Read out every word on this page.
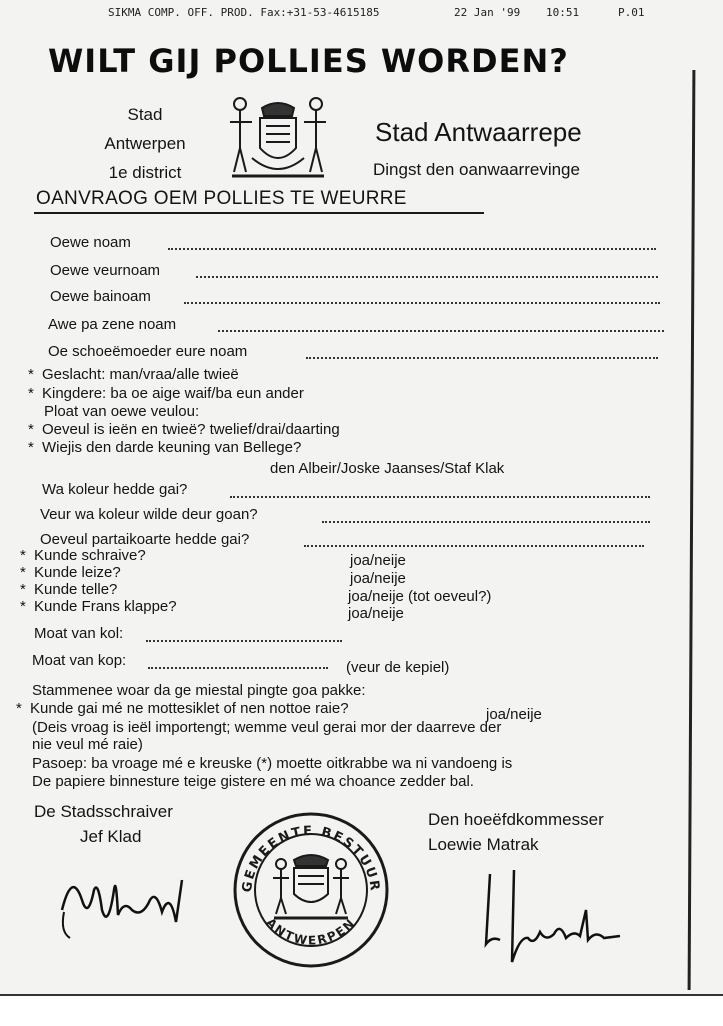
SIKMA COMP. OFF. PROD. Fax:+31-53-4615185	22 Jan '99 10:51	P.01
WILT GIJ POLLIES WORDEN?
Stad
Antwerpen
1e district
Stad Antwaarrepe
Dingst den oanwaarrevinge
OANVRAOG OEM POLLIES TE WEURRE
Oewe noam
Oewe veurnoam
Oewe bainoam
Awe pa zene noam
Oe schoeëmoeder eure noam
* Geslacht: man/vraa/alle twieë
* Kingdere: ba oe aige waif/ba eun ander
Ploat van oewe veulou:
* Oeveul is ieën en twieë? twelief/drai/daarting
* Wiejis den darde keuning van Bellege?
den Albeir/Joske Jaanses/Staf Klak
Wa koleur hedde gai?
Veur wa koleur wilde deur goan?
Oeveul partaikoarte hedde gai?
* Kunde schraive?	joa/neije
* Kunde leize?	joa/neije
* Kunde telle?	joa/neije (tot oeveul?)
* Kunde Frans klappe?	joa/neije
Moat van kol:
Moat van kop:	(veur de kepiel)
Stammenee woar da ge miestal pingte goa pakke:
* Kunde gai mé ne mottesiklet of nen nottoe raie?	joa/neije
(Deis vroag is ieël importengt; wemme veul gerai mor der daarreve der
nie veul mé raie)
Pasoep: ba vroage mé e kreuske (*) moette oitkrabbe wa ni vandoeng is
De papiere binnesture teige gistere en mé wa choance zedder bal.
De Stadsschraiver
Jef Klad
Den hoeëfdkommesser
Loewie Matrak
GEMEENTE BESTUUR
ANTWERPEN
